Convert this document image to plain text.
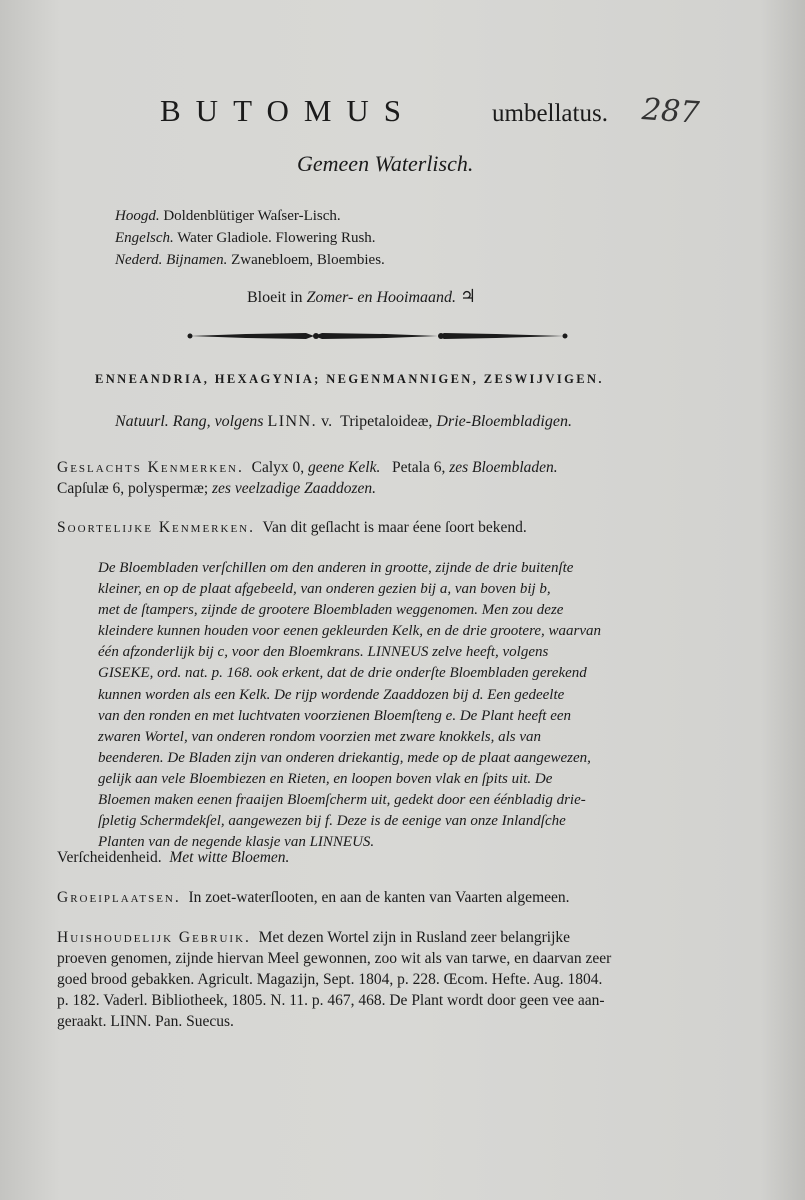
BUTOMUS	umbellatus. 287
Gemeen Waterlisch.
Hoogd. Doldenblütiger Waſser-Lisch.
Engelsch. Water Gladiole. Flowering Rush.
Nederd. Bijnamen. Zwanebloem, Bloembies.
Bloeit in Zomer- en Hooimaand. ♃
ENNEANDRIA, HEXAGYNIA; NEGENMANNIGEN, ZESWIJVIGEN.
Natuurl. Rang, volgens LINN. v. Tripetaloideæ, Drie-Bloembladigen.
Geslachts Kenmerken. Calyx 0, geene Kelk. Petala 6, zes Bloembladen.
Capſulæ 6, polyspermæ; zes veelzadige Zaaddozen.
Soortelijke Kenmerken. Van dit geſlacht is maar éene ſoort bekend.

De Bloembladen verſchillen om den anderen in grootte, zijnde de drie buitenſte

kleiner, en op de plaat afgebeeld, van onderen gezien bij a, van boven bij b,

met de ſtampers, zijnde de grootere Bloembladen weggenomen. Men zou deze

kleindere kunnen houden voor eenen gekleurden Kelk, en de drie grootere, waarvan

één afzonderlijk bij c, voor den Bloemkrans. LINNEUS zelve heeft, volgens

GISEKE, ord. nat. p. 168. ook erkent, dat de drie onderſte Bloembladen gerekend

kunnen worden als een Kelk. De rijp wordende Zaaddozen bij d. Een gedeelte

van den ronden en met luchtvaten voorzienen Bloemſteng e. De Plant heeft een

zwaren Wortel, van onderen rondom voorzien met zware knokkels, als van

beenderen. De Bladen zijn van onderen driekantig, mede op de plaat aangewezen,

gelijk aan vele Bloembiezen en Rieten, en loopen boven vlak en ſpits uit. De

Bloemen maken eenen fraaijen Bloemſcherm uit, gedekt door een éénbladig drie-

ſpletig Schermdekſel, aangewezen bij f. Deze is de eenige van onze Inlandſche

Planten van de negende klasje van LINNEUS.

Verſcheidenheid. Met witte Bloemen.
Groeiplaatsen. In zoet-waterſlooten, en aan de kanten van Vaarten algemeen.
Huishoudelijk Gebruik. Met dezen Wortel zijn in Rusland zeer belangrijke
proeven genomen, zijnde hiervan Meel gewonnen, zoo wit als van tarwe, en daarvan zeer
goed brood gebakken. Agricult. Magazijn, Sept. 1804, p. 228. Œcom. Hefte. Aug. 1804.
p. 182. Vaderl. Bibliotheek, 1805. N. 11. p. 467, 468. De Plant wordt door geen vee aan-
geraakt. LINN. Pan. Suecus.
